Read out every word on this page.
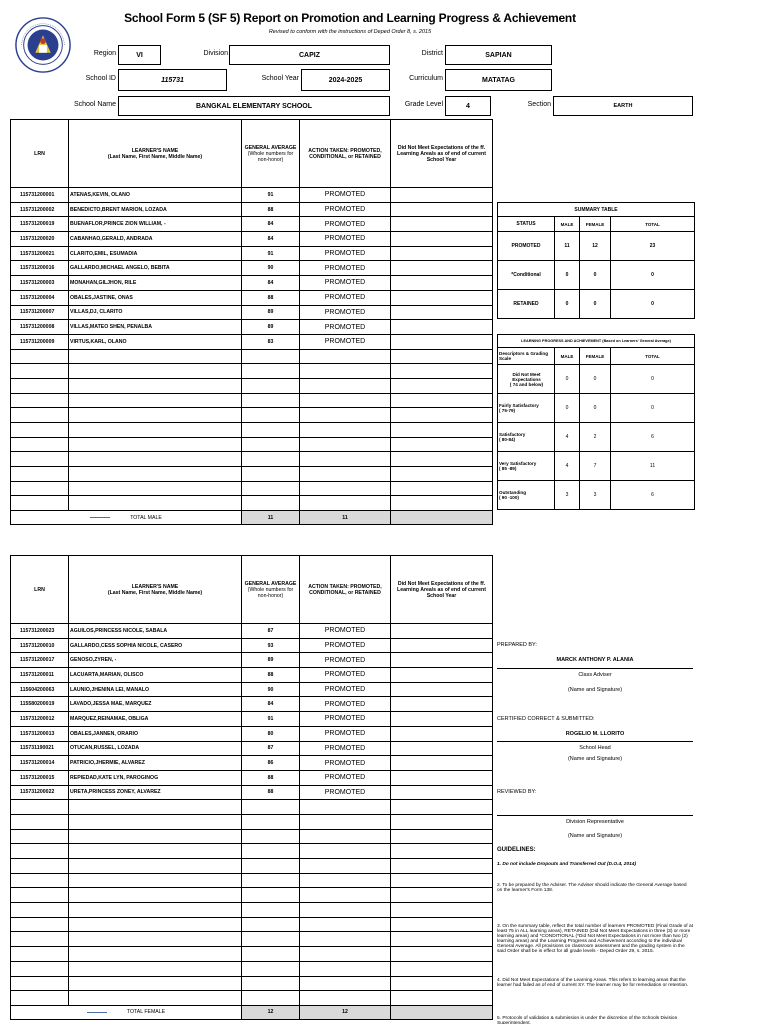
School Form 5 (SF 5) Report on Promotion and Learning Progress & Achievement
Revised to conform with the instructions of Deped Order 8, s. 2015
Region	VI	Division	CAPIZ	District	SAPIAN
School ID	115731	School Year	2024-2025	Curriculum	MATATAG
School Name	BANGKAL ELEMENTARY SCHOOL	Grade Level	4	Section	EARTH
LRN	LEARNER'S NAME
(Last Name, First Name, Middle Name)	GENERAL AVERAGE (Whole numbers for non-honor)	ACTION TAKEN: PROMOTED, CONDITIONAL, or RETAINED	Did Not Meet Expectations of the ff. Learning Area/s as of end of current School Year
115731200001	ATENAS,KEVIN, OLANO	91	PROMOTED	
115731200002	BENEDICTO,BRENT MARION, LOZADA	88	PROMOTED	
115731200019	BUENAFLOR,PRINCE ZION WILLIAM, -	84	PROMOTED	
115731200020	CABANHAO,GERALD, ANDRADA	84	PROMOTED	
115731200021	CLARITO,EMIL, ESUMADIA	91	PROMOTED	
115731200016	GALLARDO,MICHAEL ANGELO, BEBITA	90	PROMOTED	
115731200003	MONAHAN,GILJHON, RILE	84	PROMOTED	
115731200004	OBALES,JASTINE, ONAS	88	PROMOTED	
115731200007	VILLAS,DJ, CLARITO	89	PROMOTED	
115731200008	VILLAS,MATEO SHEN, PENALBA	89	PROMOTED	
115731200009	VIRTUS,KARL, OLANO	83	PROMOTED	

TOTAL MALE		11	11	
LRN	LEARNER'S NAME
(Last Name, First Name, Middle Name)	GENERAL AVERAGE (Whole numbers for non-honor)	ACTION TAKEN: PROMOTED, CONDITIONAL, or RETAINED	Did Not Meet Expectations of the ff. Learning Area/s as of end of current School Year
115731200023	AGUILOS,PRINCESS NICOLE, SABALA	87	PROMOTED	
115731200010	GALLARDO,CESS SOPHIA NICOLE, CASERO	93	PROMOTED	
115731200017	GENOSO,ZYREN, -	89	PROMOTED	
115731200011	LACUARTA,MARIAN, OLISCO	88	PROMOTED	
115604200063	LAUNIO,JHENINA LEI, MANALO	90	PROMOTED	
115580200019	LAVADO,JESSA MAE, MARQUEZ	84	PROMOTED	
115731200012	MARQUEZ,REINAMAE, OBLIGA	91	PROMOTED	
115731200013	OBALES,JANNEN, ORARIO	80	PROMOTED	
115731190021	OTUCAN,RUSSEL, LOZADA	87	PROMOTED	
115731200014	PATRICIO,JHERMIE, ALVAREZ	86	PROMOTED	
115731200015	REPIEDAD,KATE LYN, PAROGINOG	88	PROMOTED	
115731200022	URETA,PRINCESS ZONEY, ALVAREZ	88	PROMOTED	

TOTAL FEMALE		12	12	
SUMMARY TABLE			
STATUS	MALE	FEMALE	TOTAL
PROMOTED	11	12	23
*Conditional	0	0	0
RETAINED	0	0	0
LEARNING PROGRESS AND ACHIEVEMENT (Based on Learners' General Average)			
Descriptors & Grading Scale	MALE	FEMALE	TOTAL
Did Not Meet Expectations
( 74 and below)	0	0	0
Fairly Satisfactory
( 75-79)	0	0	0
Satisfactory
( 80-84)	4	2	6
Very Satisfactory
( 85 -89)	4	7	11
Outstanding
( 90 -100)	3	3	6
PREPARED BY:
MARCK ANTHONY P. ALANIA
Class Adviser
(Name and Signature)
CERTIFIED CORRECT & SUBMITTED:
ROGELIO M. LLORITO
School Head
(Name and Signature)
REVIEWED BY:
Division Representative
(Name and Signature)
GUIDELINES:
1. Do not include Dropouts and Transferred Out (D.O.4, 2014)
2. To be prepared by the Adviser. The Adviser should indicate the General Average based on the learner's Form 138.
3. On the summary table, reflect the total number of learners PROMOTED (Final Grade of at least 75 in ALL learning areas), RETAINED (Did Not Meet Expectations in three (3) or more learning areas) and *CONDITIONAL (*Did Not Meet Expectations in not more than two (2) learning areas) and the Learning Progress and Achievement according to the individual General Average. All provisions on classroom assessment and the grading system in the said Order shall be in effect for all grade levels - Deped Order 29, s. 2015.
4. Did Not Meet Expectations of the Learning Areas. This refers to learning areas that the learner had failed as of end of current SY. The learner may be for remediation or retention.
5. Protocols of validation & submission is under the discretion of the Schools Division Superintendent.
